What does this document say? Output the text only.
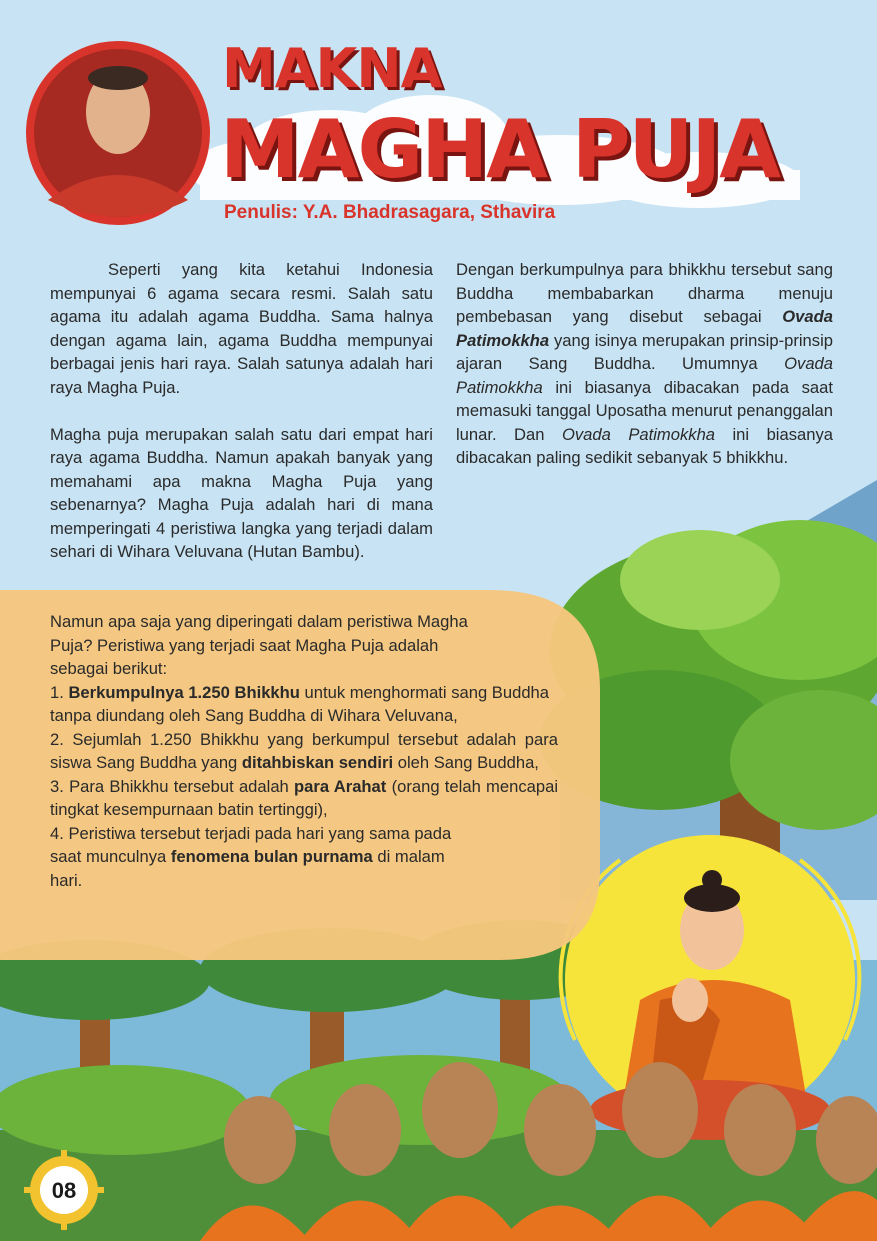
MAKNA
MAGHA PUJA
Penulis: Y.A. Bhadrasagara, Sthavira

Seperti yang kita ketahui Indonesia mempunyai 6 agama secara resmi. Salah satu agama itu adalah agama Buddha. Sama halnya dengan agama lain, agama Buddha mempunyai berbagai jenis hari raya. Salah satunya adalah hari raya Magha Puja.

Magha puja merupakan salah satu dari empat hari raya agama Buddha. Namun apakah banyak yang memahami apa makna Magha Puja yang sebenarnya? Magha Puja adalah hari di mana memperingati 4 peristiwa langka yang terjadi dalam sehari di Wihara Veluvana (Hutan Bambu).

Dengan berkumpulnya para bhikkhu tersebut sang Buddha membabarkan dharma menuju pembebasan yang disebut sebagai Ovada Patimokkha yang isinya merupakan prinsip-prinsip ajaran Sang Buddha. Umumnya Ovada Patimokkha ini biasanya dibacakan pada saat memasuki tanggal Uposatha menurut penanggalan lunar. Dan Ovada Patimokkha ini biasanya dibacakan paling sedikit sebanyak 5 bhikkhu.

Namun apa saja yang diperingati dalam peristiwa Magha Puja? Peristiwa yang terjadi saat Magha Puja adalah sebagai berikut:

1. Berkumpulnya 1.250 Bhikkhu untuk menghormati sang Buddha tanpa diundang oleh Sang Buddha di Wihara Veluvana,

2. Sejumlah 1.250 Bhikkhu yang berkumpul tersebut adalah para siswa Sang Buddha yang ditahbiskan sendiri oleh Sang Buddha,

3. Para Bhikkhu tersebut adalah para Arahat (orang telah mencapai tingkat kesempurnaan batin tertinggi),

4. Peristiwa tersebut terjadi pada hari yang sama pada saat munculnya fenomena bulan purnama di malam hari.

08
